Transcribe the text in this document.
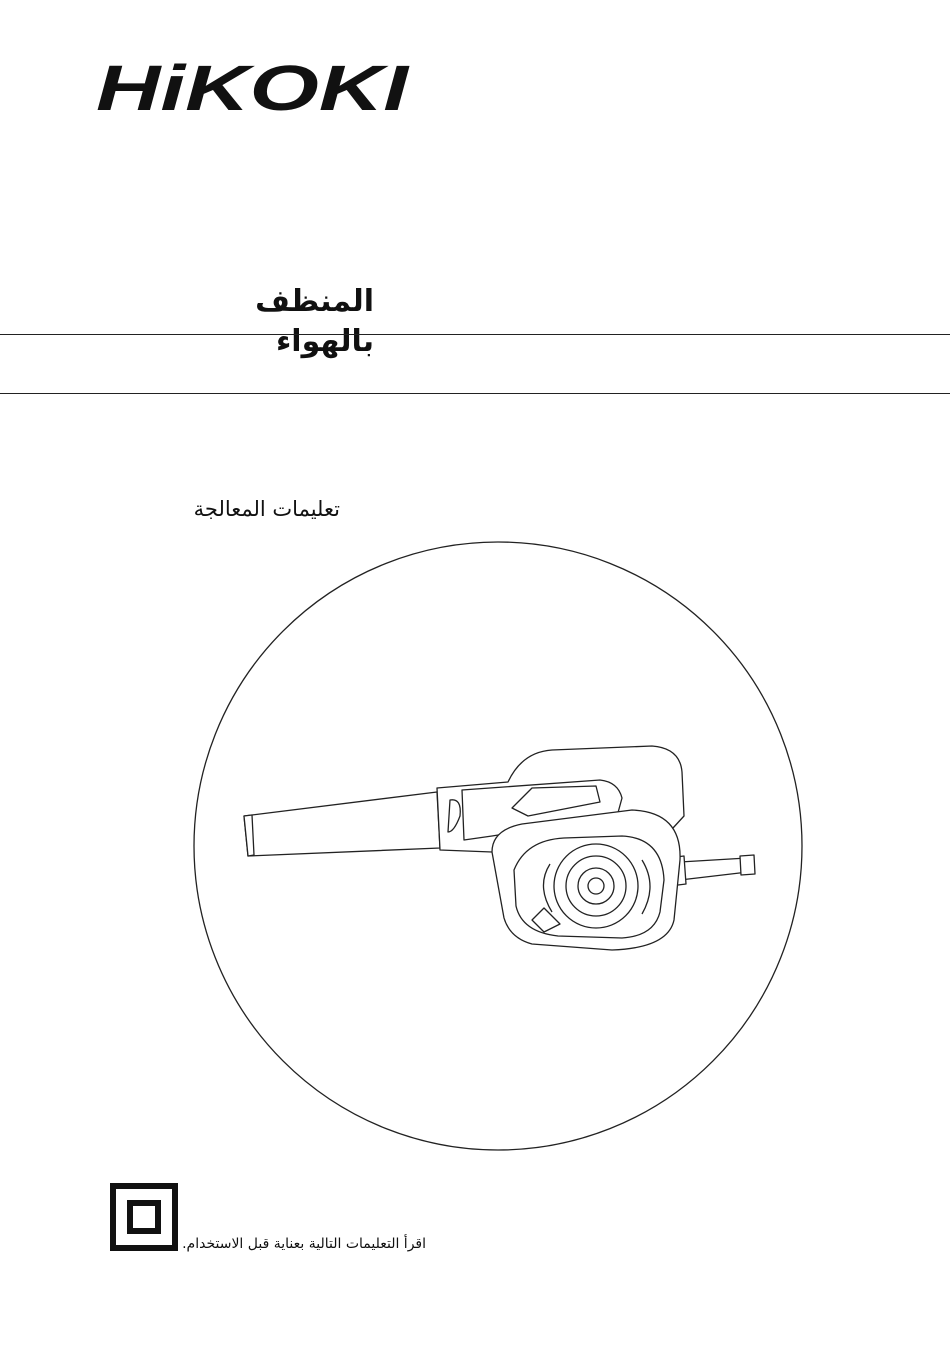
HiKOKI
المنظف بالهواء
تعليمات المعالجة
اقرأ التعليمات التالية بعناية قبل الاستخدام.
